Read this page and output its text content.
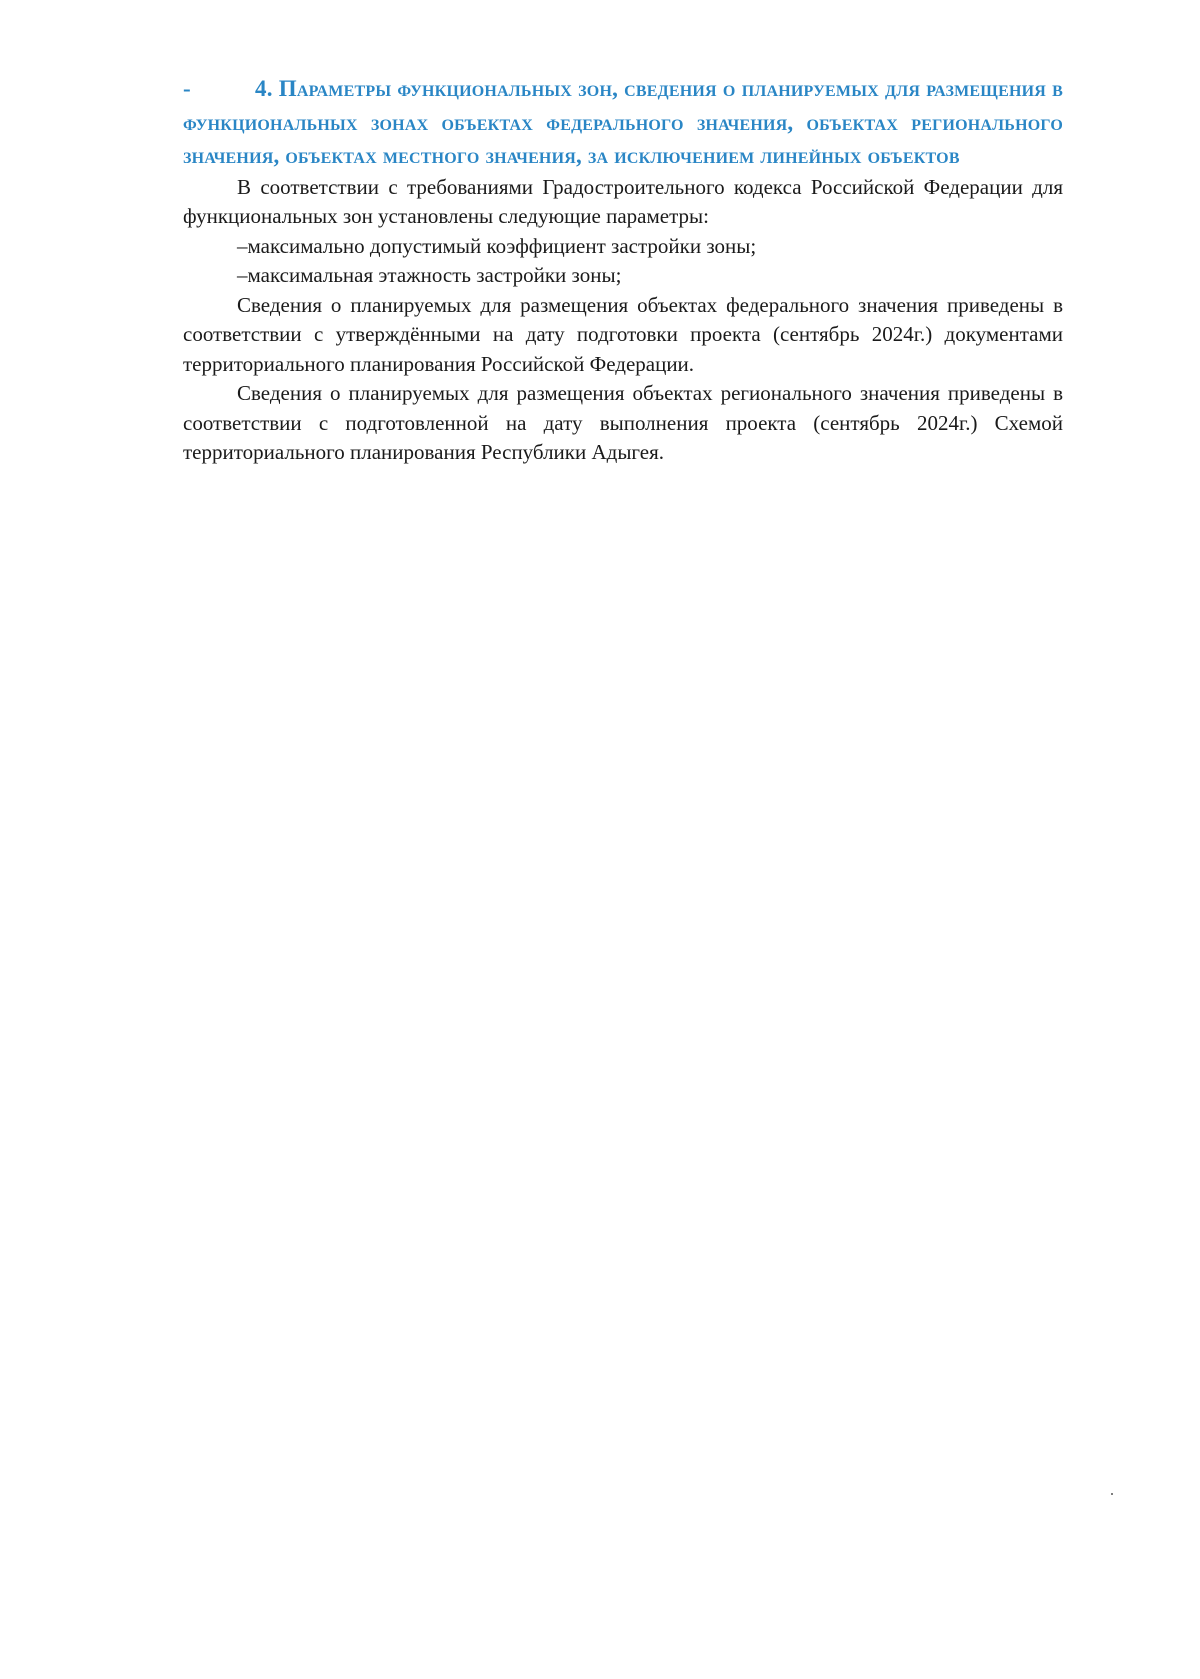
-	4. Параметры функциональных зон, сведения о планируемых для размещения в функциональных зонах объектах федерального значения, объектах регионального значения, объектах местного значения, за исключением линейных объектов

В соответствии с требованиями Градостроительного кодекса Российской Федерации для функциональных зон установлены следующие параметры:

–максимально допустимый коэффициент застройки зоны;

–максимальная этажность застройки зоны;

Сведения о планируемых для размещения объектах федерального значения приведены в соответствии с утверждёнными на дату подготовки проекта (сентябрь 2024г.) документами территориального планирования Российской Федерации.

Сведения о планируемых для размещения объектах регионального значения приведены в соответствии с подготовленной на дату выполнения проекта (сентябрь 2024г.) Схемой территориального планирования Республики Адыгея.
